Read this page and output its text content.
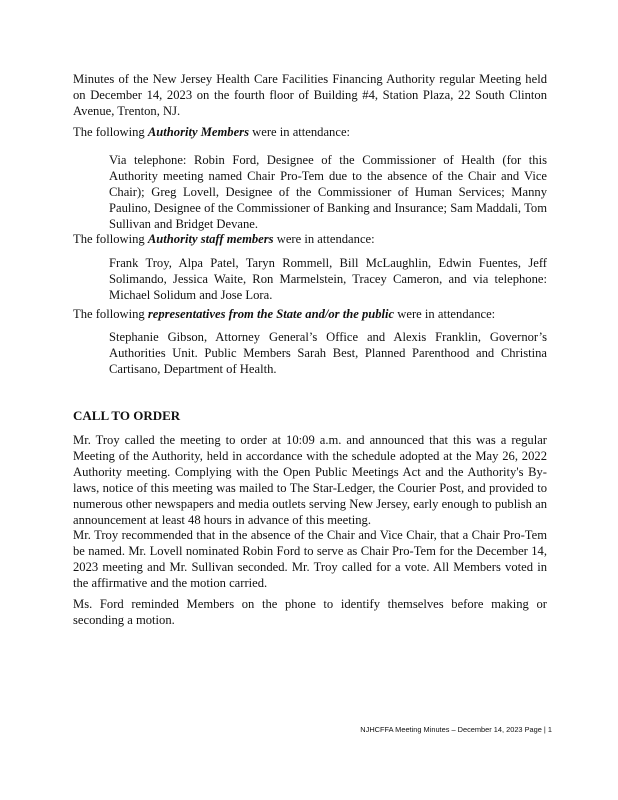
Minutes of the New Jersey Health Care Facilities Financing Authority regular Meeting held on December 14, 2023 on the fourth floor of Building #4, Station Plaza, 22 South Clinton Avenue, Trenton, NJ.

The following Authority Members were in attendance:

Via telephone: Robin Ford, Designee of the Commissioner of Health (for this Authority meeting named Chair Pro-Tem due to the absence of the Chair and Vice Chair); Greg Lovell, Designee of the Commissioner of Human Services; Manny Paulino, Designee of the Commissioner of Banking and Insurance; Sam Maddali, Tom Sullivan and Bridget Devane.

The following Authority staff members were in attendance:

Frank Troy, Alpa Patel, Taryn Rommell, Bill McLaughlin, Edwin Fuentes, Jeff Solimando, Jessica Waite, Ron Marmelstein, Tracey Cameron, and via telephone: Michael Solidum and Jose Lora.

The following representatives from the State and/or the public were in attendance:

Stephanie Gibson, Attorney General’s Office and Alexis Franklin, Governor’s Authorities Unit. Public Members Sarah Best, Planned Parenthood and Christina Cartisano, Department of Health.

CALL TO ORDER

Mr. Troy called the meeting to order at 10:09 a.m. and announced that this was a regular Meeting of the Authority, held in accordance with the schedule adopted at the May 26, 2022 Authority meeting. Complying with the Open Public Meetings Act and the Authority's By-laws, notice of this meeting was mailed to The Star-Ledger, the Courier Post, and provided to numerous other newspapers and media outlets serving New Jersey, early enough to publish an announcement at least 48 hours in advance of this meeting.

Mr. Troy recommended that in the absence of the Chair and Vice Chair, that a Chair Pro-Tem be named. Mr. Lovell nominated Robin Ford to serve as Chair Pro-Tem for the December 14, 2023 meeting and Mr. Sullivan seconded. Mr. Troy called for a vote. All Members voted in the affirmative and the motion carried.

Ms. Ford reminded Members on the phone to identify themselves before making or seconding a motion.

NJHCFFA Meeting Minutes – December 14, 2023 Page | 1
